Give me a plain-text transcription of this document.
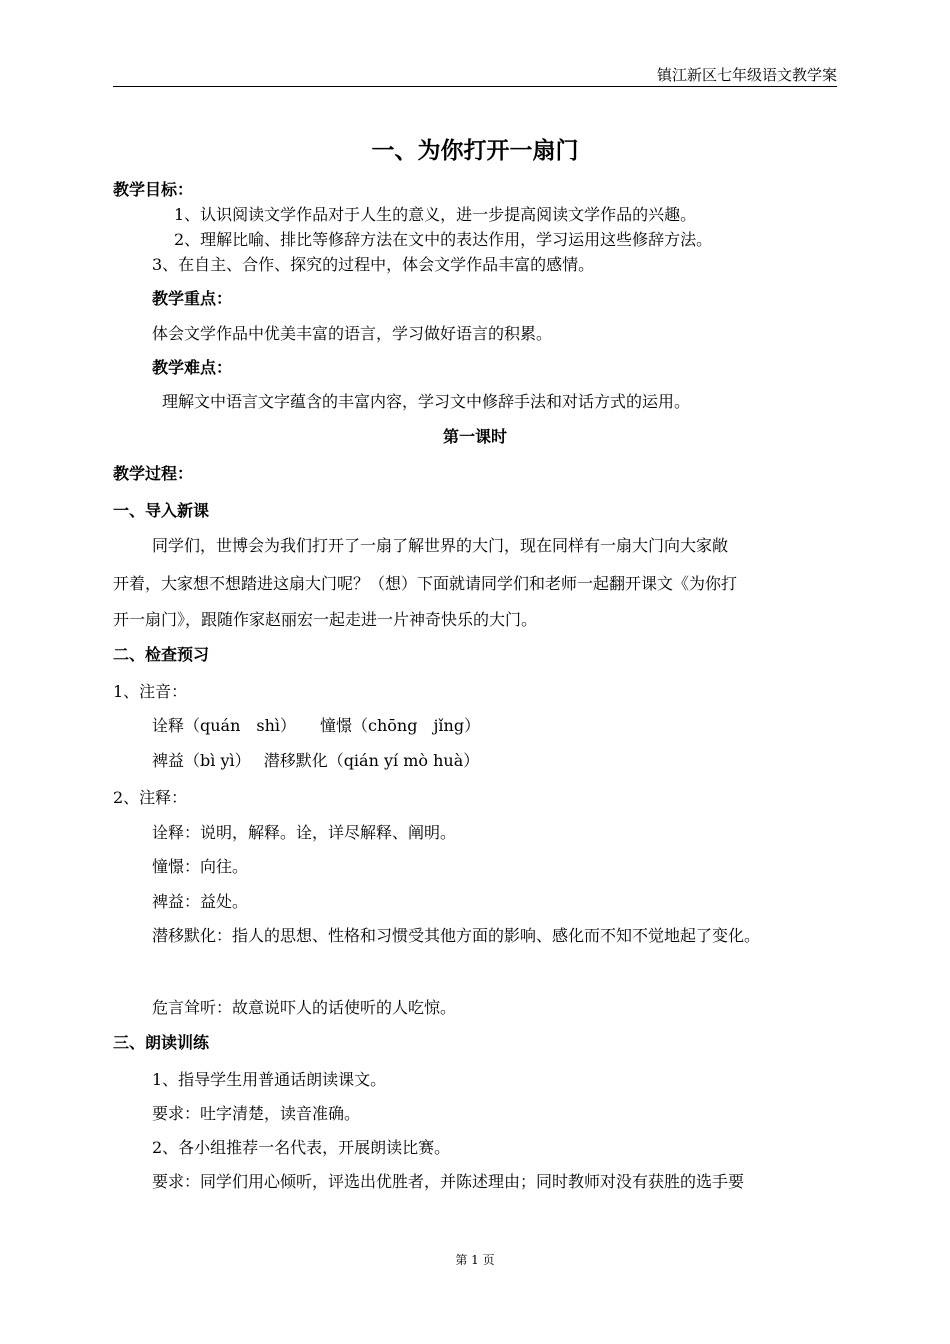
镇江新区七年级语文教学案
一、为你打开一扇门
教学目标：
1、认识阅读文学作品对于人生的意义，进一步提高阅读文学作品的兴趣。
2、理解比喻、排比等修辞方法在文中的表达作用，学习运用这些修辞方法。
3、在自主、合作、探究的过程中，体会文学作品丰富的感情。
教学重点：
体会文学作品中优美丰富的语言，学习做好语言的积累。
教学难点：
理解文中语言文字蕴含的丰富内容，学习文中修辞手法和对话方式的运用。
第一课时
教学过程：
一、导入新课
同学们，世博会为我们打开了一扇了解世界的大门，现在同样有一扇大门向大家敞
开着，大家想不想踏进这扇大门呢？（想）下面就请同学们和老师一起翻开课文《为你打
开一扇门》，跟随作家赵丽宏一起走进一片神奇快乐的大门。
二、检查预习
1、注音：
诠释（quán　shì）　　憧憬（chōng　jǐng）
裨益（bì yì）　 潜移默化（qián yí mò huà）
2、注释：
诠释：说明，解释。诠，详尽解释、阐明。
憧憬：向往。
裨益：益处。
潜移默化：指人的思想、性格和习惯受其他方面的影响、感化而不知不觉地起了变化。
危言耸听：故意说吓人的话使听的人吃惊。
三、朗读训练
1、指导学生用普通话朗读课文。
要求：吐字清楚，读音准确。
2、各小组推荐一名代表，开展朗读比赛。
要求：同学们用心倾听，评选出优胜者，并陈述理由；同时教师对没有获胜的选手要
第 1 页
